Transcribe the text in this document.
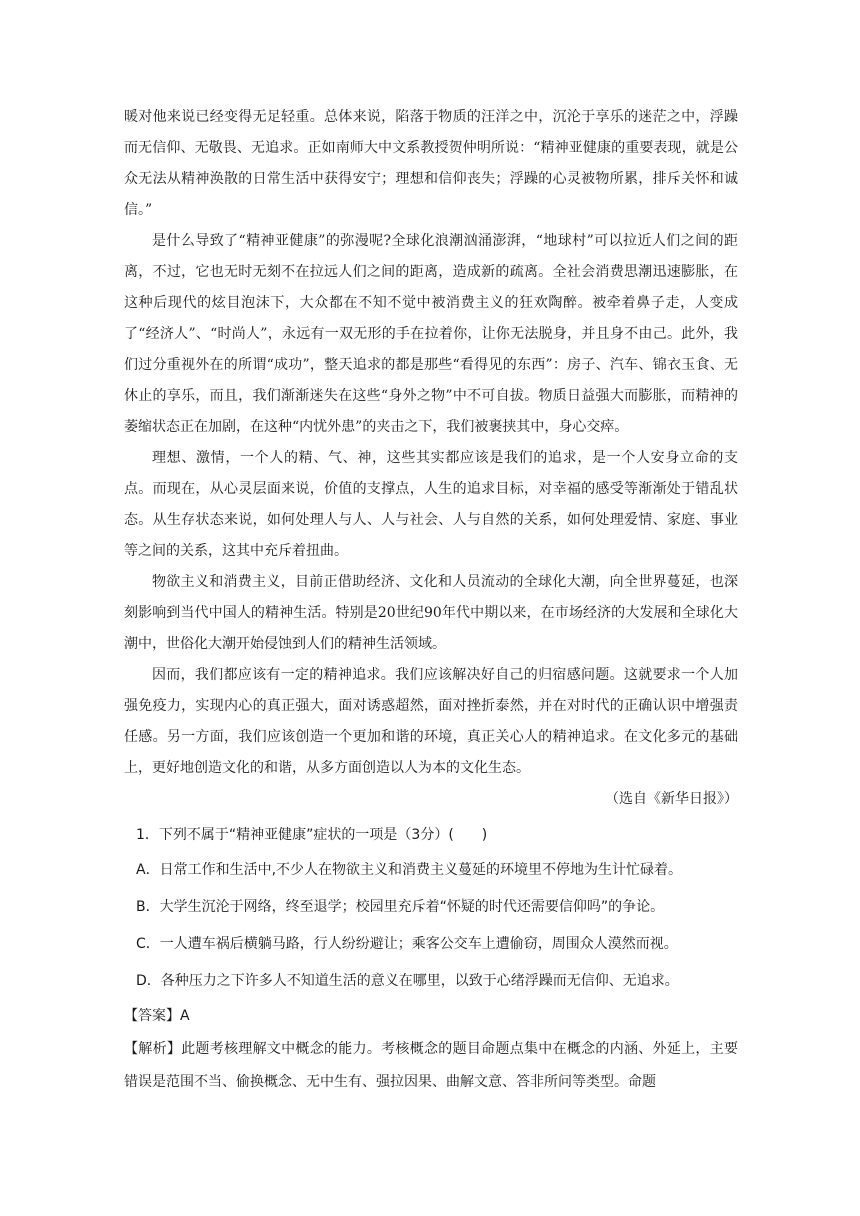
暖对他来说已经变得无足轻重。总体来说，陷落于物质的汪洋之中，沉沦于享乐的迷茫之中，浮躁而无信仰、无敬畏、无追求。正如南师大中文系教授贺仲明所说：“精神亚健康的重要表现，就是公众无法从精神涣散的日常生活中获得安宁；理想和信仰丧失；浮躁的心灵被物所累，排斥关怀和诚信。”

是什么导致了“精神亚健康”的弥漫呢?全球化浪潮汹涌澎湃，“地球村”可以拉近人们之间的距离，不过，它也无时无刻不在拉远人们之间的距离，造成新的疏离。全社会消费思潮迅速膨胀，在这种后现代的炫目泡沫下，大众都在不知不觉中被消费主义的狂欢陶醉。被牵着鼻子走，人变成了“经济人”、“时尚人”，永远有一双无形的手在拉着你，让你无法脱身，并且身不由己。此外，我们过分重视外在的所谓“成功”，整天追求的都是那些“看得见的东西”：房子、汽车、锦衣玉食、无休止的享乐，而且，我们渐渐迷失在这些“身外之物”中不可自拔。物质日益强大而膨胀，而精神的萎缩状态正在加剧，在这种“内忧外患”的夹击之下，我们被裹挟其中，身心交瘁。

理想、激情，一个人的精、气、神，这些其实都应该是我们的追求，是一个人安身立命的支点。而现在，从心灵层面来说，价值的支撑点，人生的追求目标，对幸福的感受等渐渐处于错乱状态。从生存状态来说，如何处理人与人、人与社会、人与自然的关系，如何处理爱情、家庭、事业等之间的关系，这其中充斥着扭曲。

物欲主义和消费主义，目前正借助经济、文化和人员流动的全球化大潮，向全世界蔓延，也深刻影响到当代中国人的精神生活。特别是20世纪90年代中期以来，在市场经济的大发展和全球化大潮中，世俗化大潮开始侵蚀到人们的精神生活领域。

因而，我们都应该有一定的精神追求。我们应该解决好自己的归宿感问题。这就要求一个人加强免疫力，实现内心的真正强大，面对诱惑超然，面对挫折泰然，并在对时代的正确认识中增强责任感。另一方面，我们应该创造一个更加和谐的环境，真正关心人的精神追求。在文化多元的基础上，更好地创造文化的和谐，从多方面创造以人为本的文化生态。

（选自《新华日报》）

1．下列不属于“精神亚健康”症状的一项是（3分）(　　)

A．日常工作和生活中,不少人在物欲主义和消费主义蔓延的环境里不停地为生计忙碌着。

B．大学生沉沦于网络，终至退学；校园里充斥着“怀疑的时代还需要信仰吗”的争论。

C．一人遭车祸后横躺马路，行人纷纷避让；乘客公交车上遭偷窃，周围众人漠然而视。

D．各种压力之下许多人不知道生活的意义在哪里，以致于心绪浮躁而无信仰、无追求。

【答案】A

【解析】此题考核理解文中概念的能力。考核概念的题目命题点集中在概念的内涵、外延上，主要错误是范围不当、偷换概念、无中生有、强拉因果、曲解文意、答非所问等类型。命题
